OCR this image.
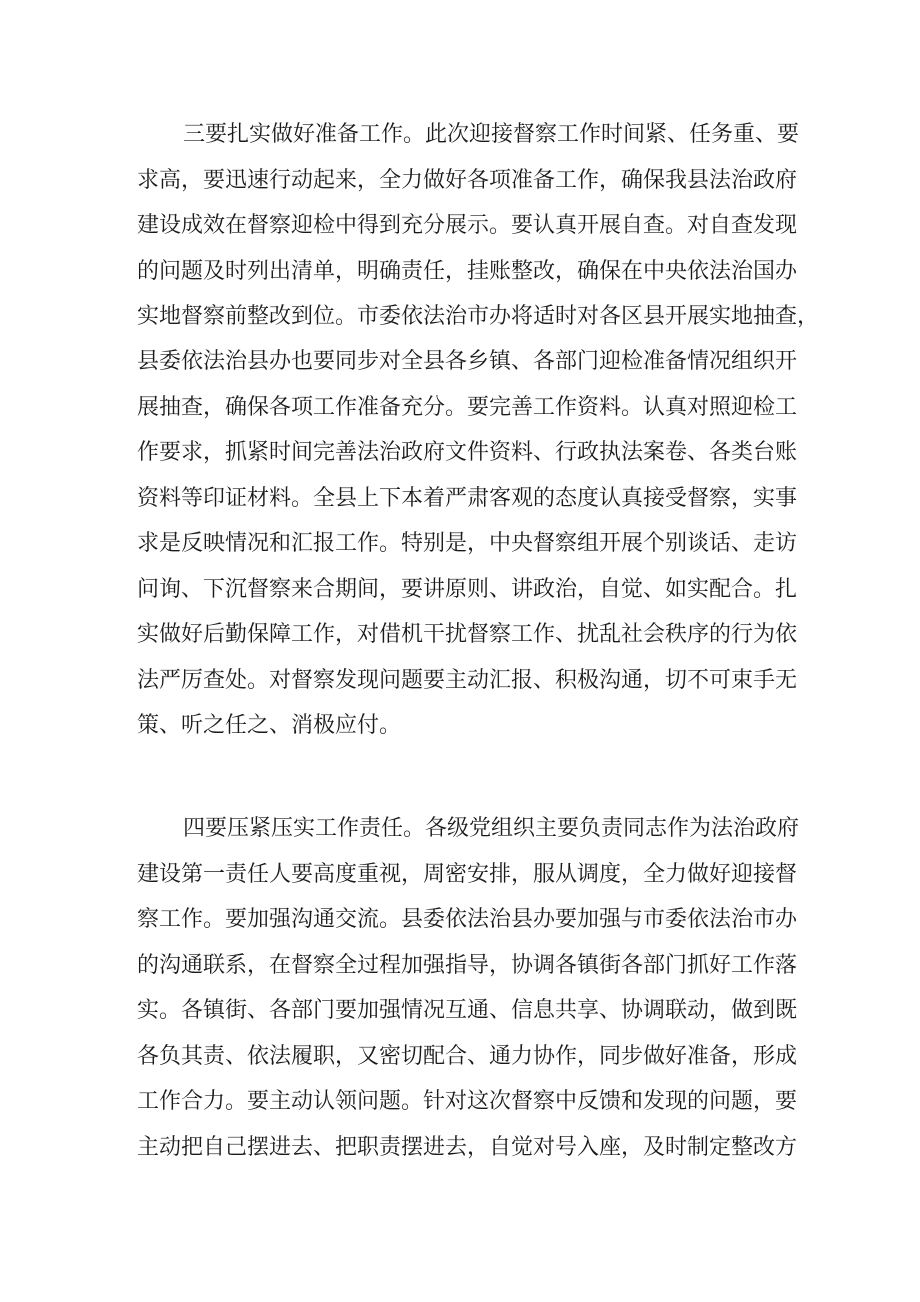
三要扎实做好准备工作。此次迎接督察工作时间紧、任务重、要
求高，要迅速行动起来，全力做好各项准备工作，确保我县法治政府
建设成效在督察迎检中得到充分展示。要认真开展自查。对自查发现
的问题及时列出清单，明确责任，挂账整改，确保在中央依法治国办
实地督察前整改到位。市委依法治市办将适时对各区县开展实地抽查，
县委依法治县办也要同步对全县各乡镇、各部门迎检准备情况组织开
展抽查，确保各项工作准备充分。要完善工作资料。认真对照迎检工
作要求，抓紧时间完善法治政府文件资料、行政执法案卷、各类台账
资料等印证材料。全县上下本着严肃客观的态度认真接受督察，实事
求是反映情况和汇报工作。特别是，中央督察组开展个别谈话、走访
问询、下沉督察来合期间，要讲原则、讲政治，自觉、如实配合。扎
实做好后勤保障工作，对借机干扰督察工作、扰乱社会秩序的行为依
法严厉查处。对督察发现问题要主动汇报、积极沟通，切不可束手无
策、听之任之、消极应付。
四要压紧压实工作责任。各级党组织主要负责同志作为法治政府
建设第一责任人要高度重视，周密安排，服从调度，全力做好迎接督
察工作。要加强沟通交流。县委依法治县办要加强与市委依法治市办
的沟通联系，在督察全过程加强指导，协调各镇街各部门抓好工作落
实。各镇街、各部门要加强情况互通、信息共享、协调联动，做到既
各负其责、依法履职，又密切配合、通力协作，同步做好准备，形成
工作合力。要主动认领问题。针对这次督察中反馈和发现的问题，要
主动把自己摆进去、把职责摆进去，自觉对号入座，及时制定整改方
